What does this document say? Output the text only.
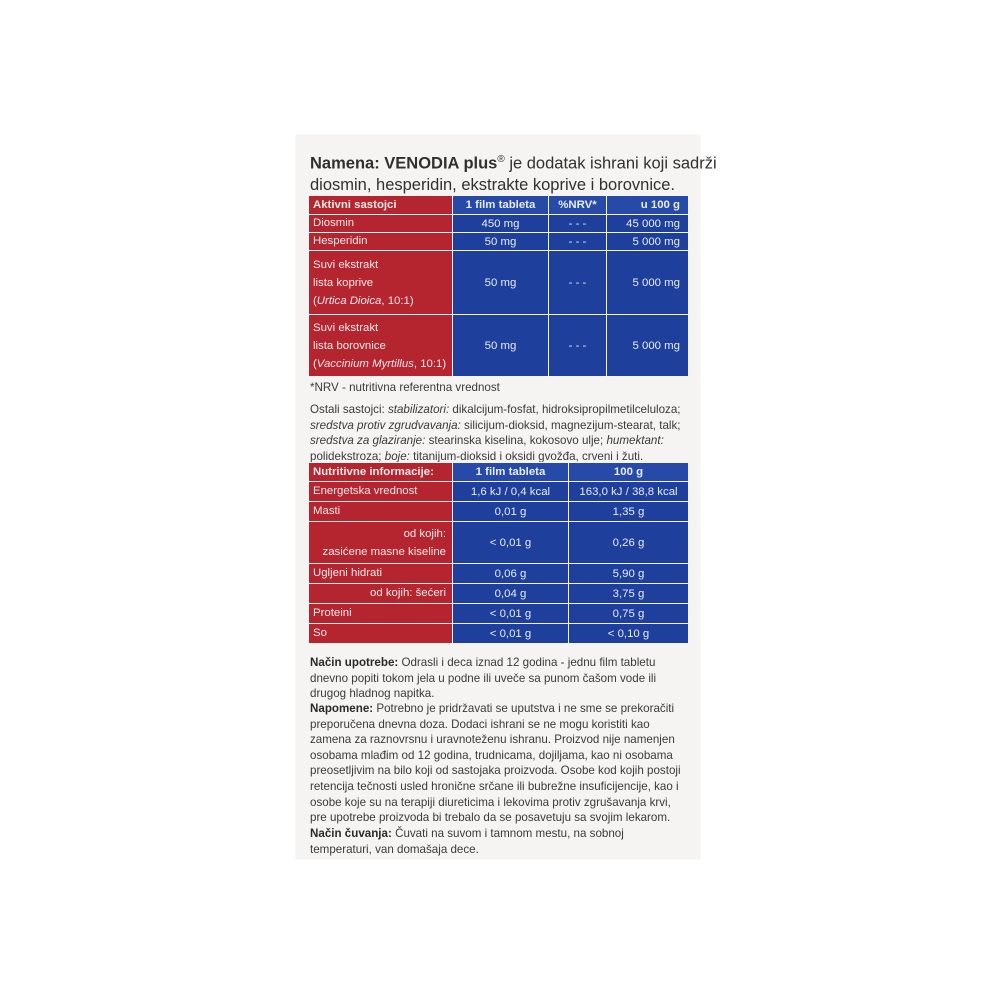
Namena: VENODIA plus® je dodatak ishrani koji sadrži
diosmin, hesperidin, ekstrakte koprive i borovnice.
Aktivni sastojci	1 film tableta	%NRV*	u 100 g
Diosmin	450 mg	- - -	45 000 mg
Hesperidin	50 mg	- - -	5 000 mg
Suvi ekstrakt
lista koprive
(Urtica Dioica, 10:1)	50 mg	- - -	5 000 mg
Suvi ekstrakt
lista borovnice
(Vaccinium Myrtillus, 10:1)	50 mg	- - -	5 000 mg
*NRV - nutritivna referentna vrednost
Ostali sastojci: stabilizatori: dikalcijum-fosfat, hidroksipropilmetilceluloza; sredstva protiv zgrudvavanja: silicijum-dioksid, magnezijum-stearat, talk; sredstva za glaziranje: stearinska kiselina, kokosovo ulje; humektant: polidekstroza; boje: titanijum-dioksid i oksidi gvožđa, crveni i žuti.
Nutritivne informacije:	1 film tableta	100 g
Energetska vrednost	1,6 kJ / 0,4 kcal	163,0 kJ / 38,8 kcal
Masti	0,01 g	1,35 g
od kojih:
zasićene masne kiseline	< 0,01 g	0,26 g
Ugljeni hidrati	0,06 g	5,90 g
od kojih: šećeri	0,04 g	3,75 g
Proteini	< 0,01 g	0,75 g
So	< 0,01 g	< 0,10 g
Način upotrebe: Odrasli i deca iznad 12 godina - jednu film tabletu dnevno popiti tokom jela u podne ili uveče sa punom čašom vode ili drugog hladnog napitka.
Napomene: Potrebno je pridržavati se uputstva i ne sme se prekoračiti preporučena dnevna doza. Dodaci ishrani se ne mogu koristiti kao zamena za raznovrsnu i uravnoteženu ishranu. Proizvod nije namenjen osobama mlađim od 12 godina, trudnicama, dojiljama, kao ni osobama preosetljivim na bilo koji od sastojaka proizvoda. Osobe kod kojih postoji retencija tečnosti usled hronične srčane ili bubrežne insuficijencije, kao i osobe koje su na terapiji diureticima i lekovima protiv zgrušavanja krvi, pre upotrebe proizvoda bi trebalo da se posavetuju sa svojim lekarom.
Način čuvanja: Čuvati na suvom i tamnom mestu, na sobnoj temperaturi, van domašaja dece.
